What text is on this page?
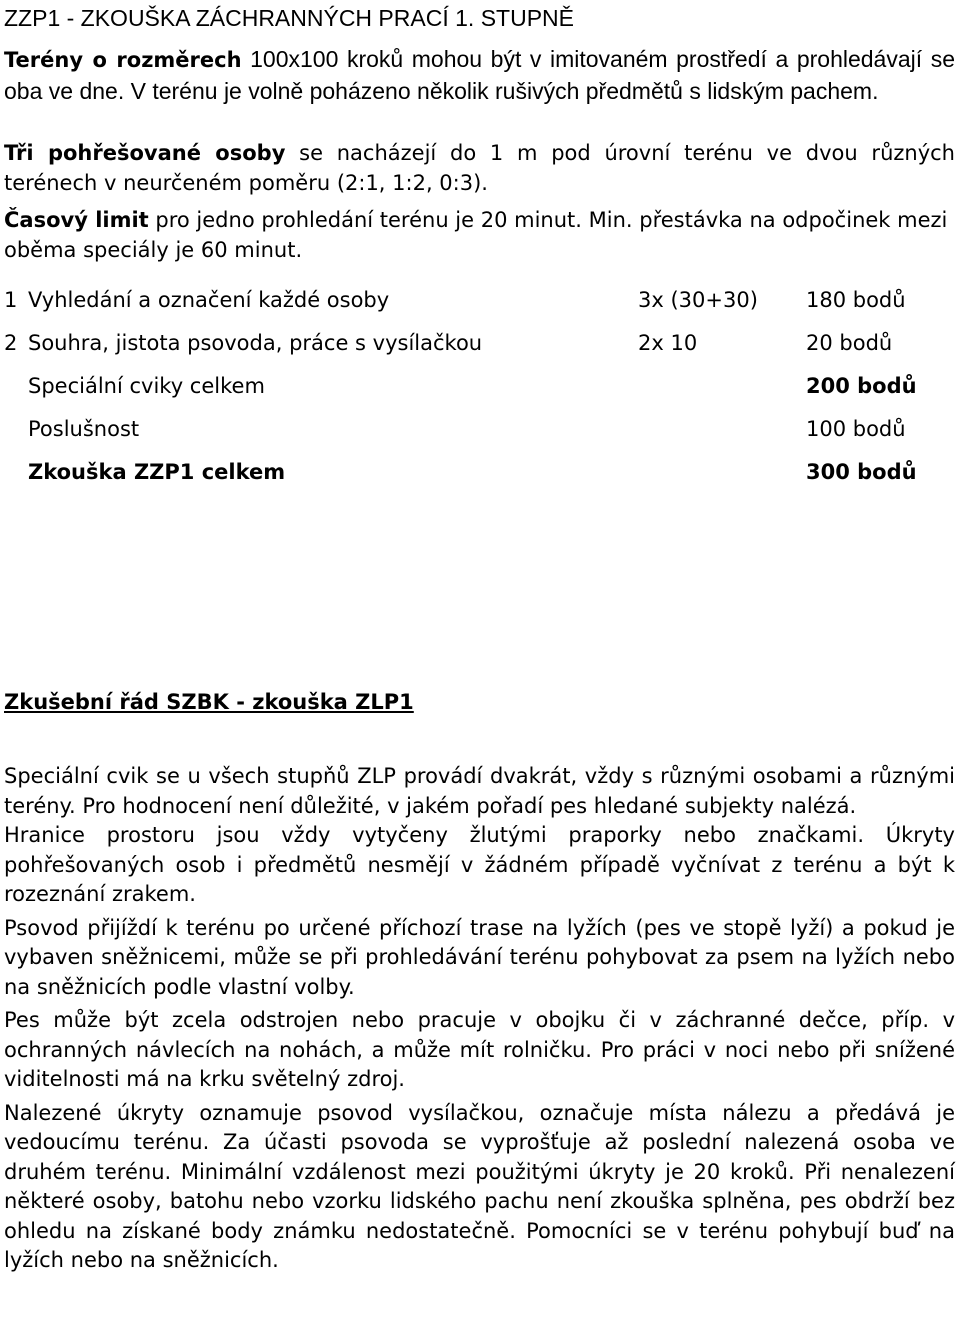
ZZP1 - ZKOUŠKA ZÁCHRANNÝCH PRACÍ 1. STUPNĚ

Terény o rozměrech 100x100 kroků mohou být v imitovaném prostředí a prohledávají se oba ve dne. V terénu je volně poházeno několik rušivých předmětů s lidským pachem.

Tři pohřešované osoby se nacházejí do 1 m pod úrovní terénu ve dvou různých terénech v neurčeném poměru (2:1, 1:2, 0:3).

Časový limit pro jedno prohledání terénu je 20 minut. Min. přestávka na odpočinek mezi oběma speciály je 60 minut.

1 Vyhledání a označení každé osoby	3x (30+30) 180 bodů
2 Souhra, jistota psovoda, práce s vysílačkou	2x 10	20 bodů
Speciální cviky celkem	200 bodů
Poslušnost	100 bodů
Zkouška ZZP1 celkem	300 bodů

Zkušební řád SZBK - zkouška ZLP1

Speciální cvik se u všech stupňů ZLP provádí dvakrát, vždy s různými osobami a různými terény. Pro hodnocení není důležité, v jakém pořadí pes hledané subjekty nalézá.

Hranice prostoru jsou vždy vytyčeny žlutými praporky nebo značkami. Úkryty pohřešovaných osob i předmětů nesmějí v žádném případě vyčnívat z terénu a být k rozeznání zrakem.

Psovod přijíždí k terénu po určené příchozí trase na lyžích (pes ve stopě lyží) a pokud je vybaven sněžnicemi, může se při prohledávání terénu pohybovat za psem na lyžích nebo na sněžnicích podle vlastní volby.

Pes může být zcela odstrojen nebo pracuje v obojku či v záchranné dečce, příp. v ochranných návlecích na nohách, a může mít rolničku. Pro práci v noci nebo při snížené viditelnosti má na krku světelný zdroj.

Nalezené úkryty oznamuje psovod vysílačkou, označuje místa nálezu a předává je vedoucímu terénu. Za účasti psovoda se vyprošťuje až poslední nalezená osoba ve druhém terénu. Minimální vzdálenost mezi použitými úkryty je 20 kroků. Při nenalezení některé osoby, batohu nebo vzorku lidského pachu není zkouška splněna, pes obdrží bez ohledu na získané body známku nedostatečně. Pomocníci se v terénu pohybují buď na lyžích nebo na sněžnicích.
